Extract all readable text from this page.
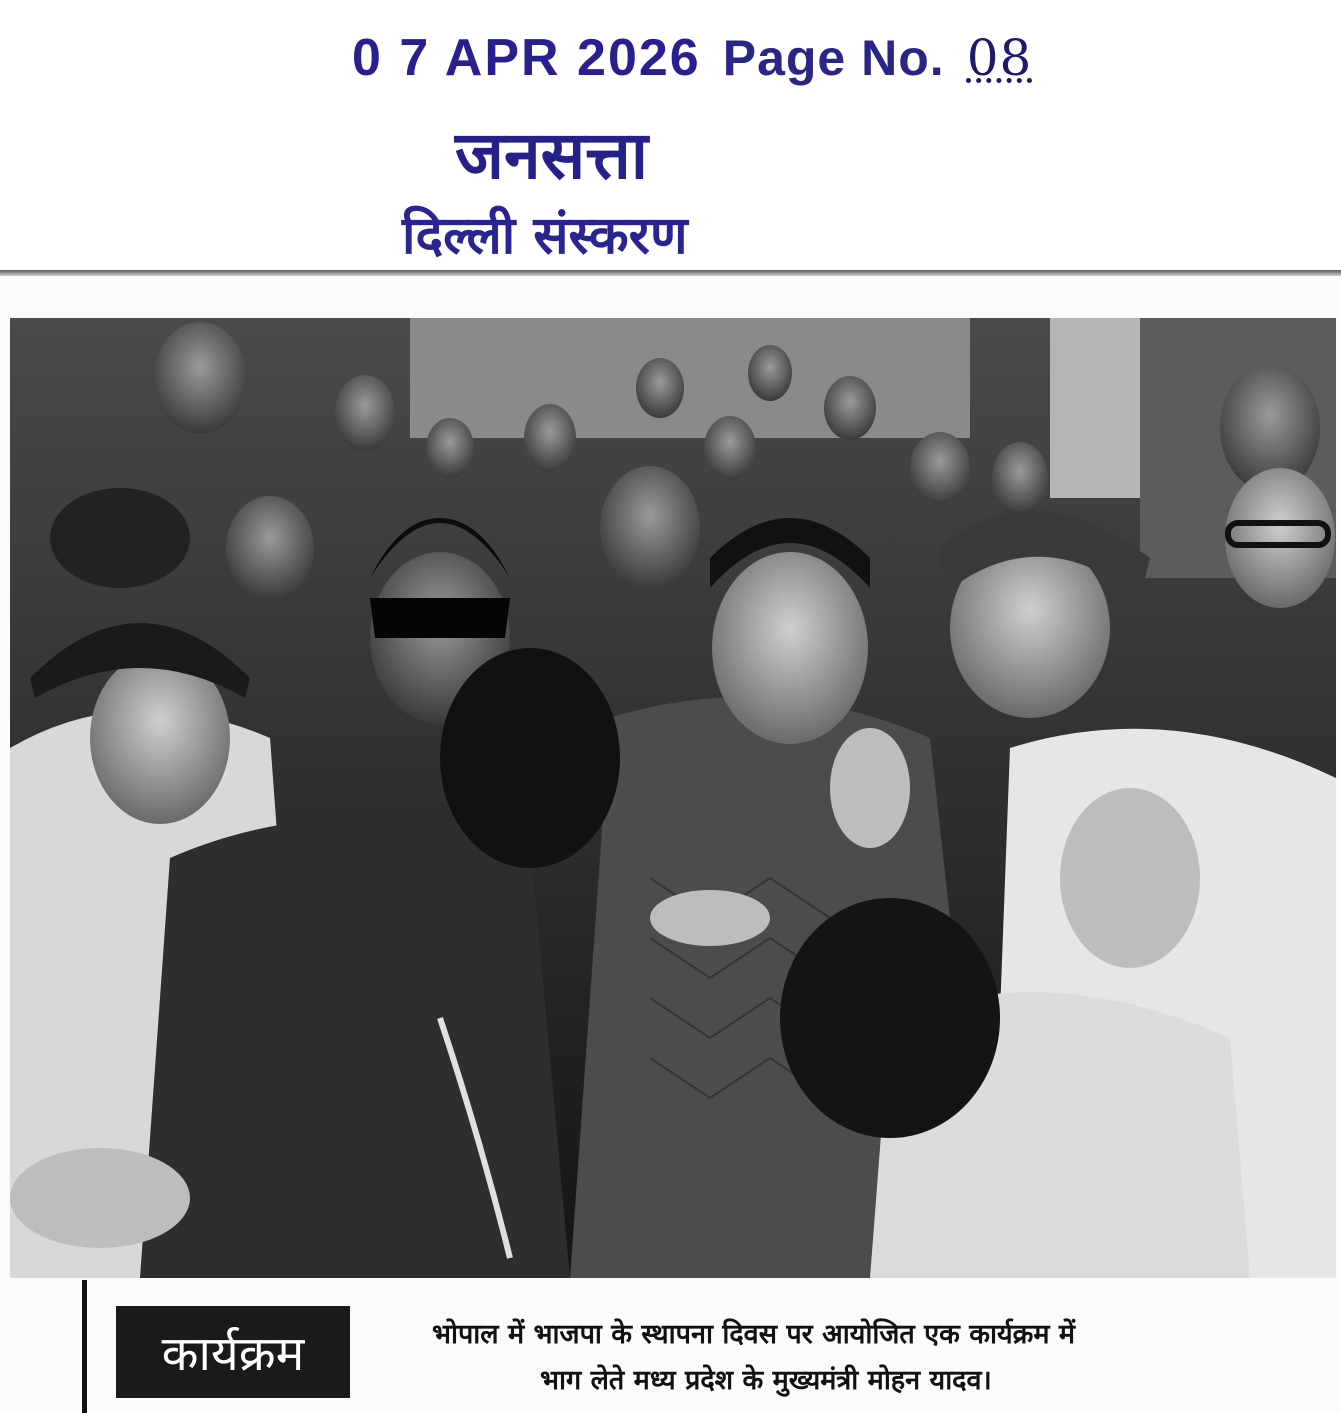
0 7 APR 2026 Page No. 08
जनसत्ता
दिल्ली संस्करण
कार्यक्रम	भोपाल में भाजपा के स्थापना दिवस पर आयोजित एक कार्यक्रम में
भाग लेते मध्य प्रदेश के मुख्यमंत्री मोहन यादव।
